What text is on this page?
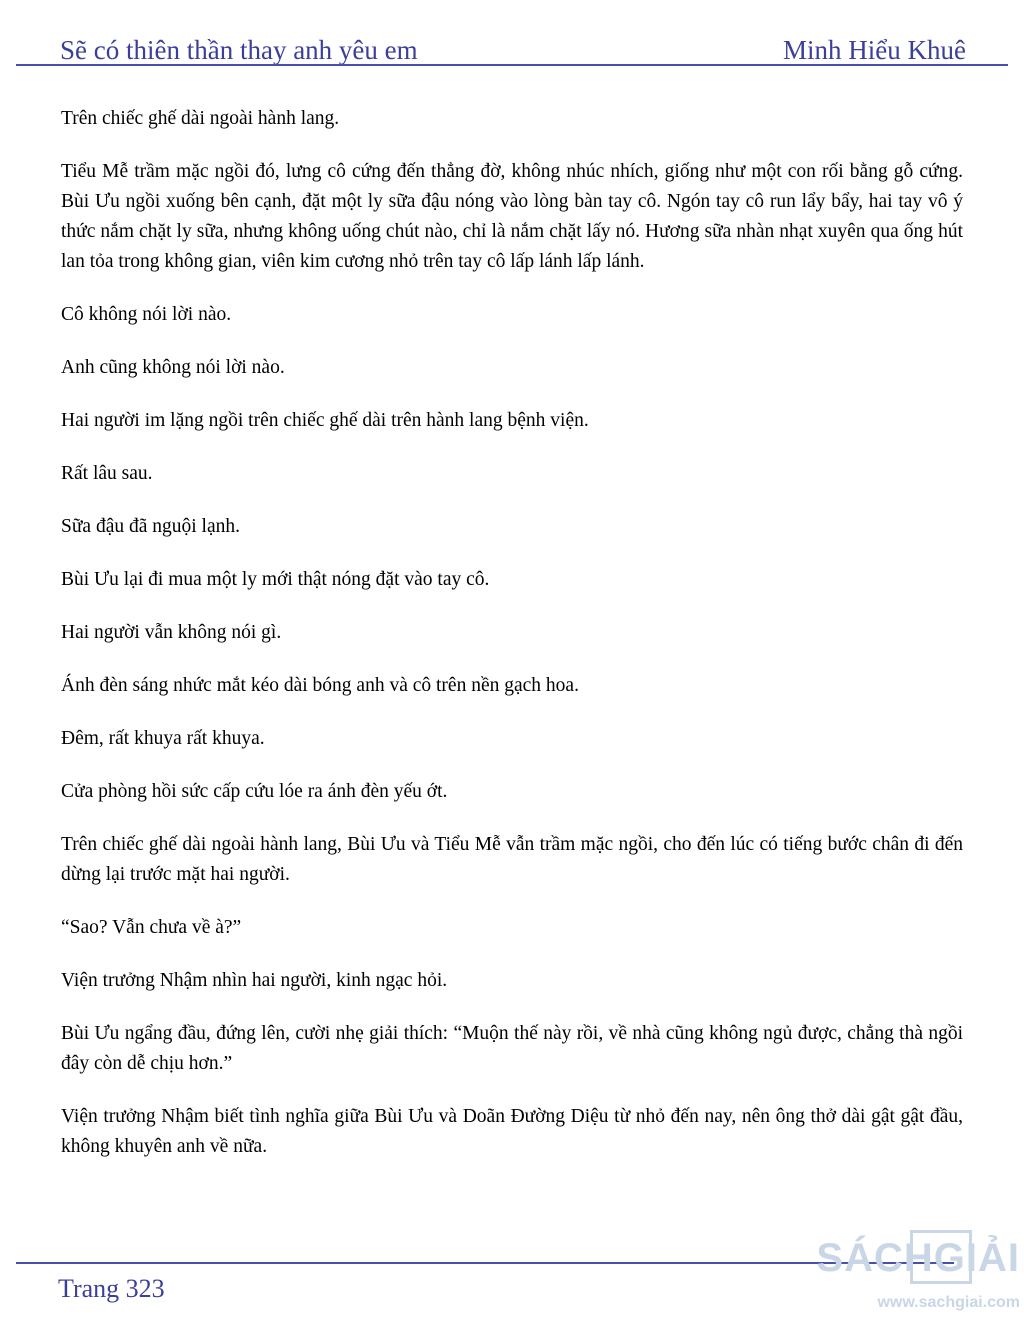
Sẽ có thiên thần thay anh yêu em	Minh Hiểu Khuê

Trên chiếc ghế dài ngoài hành lang.

Tiểu Mễ trầm mặc ngồi đó, lưng cô cứng đến thẳng đờ, không nhúc nhích, giống như một con rối bằng gỗ cứng. Bùi Ưu ngồi xuống bên cạnh, đặt một ly sữa đậu nóng vào lòng bàn tay cô. Ngón tay cô run lẩy bẩy, hai tay vô ý thức nắm chặt ly sữa, nhưng không uống chút nào, chỉ là nắm chặt lấy nó. Hương sữa nhàn nhạt xuyên qua ống hút lan tỏa trong không gian, viên kim cương nhỏ trên tay cô lấp lánh lấp lánh.

Cô không nói lời nào.

Anh cũng không nói lời nào.

Hai người im lặng ngồi trên chiếc ghế dài trên hành lang bệnh viện.

Rất lâu sau.

Sữa đậu đã nguội lạnh.

Bùi Ưu lại đi mua một ly mới thật nóng đặt vào tay cô.

Hai người vẫn không nói gì.

Ánh đèn sáng nhức mắt kéo dài bóng anh và cô trên nền gạch hoa.

Đêm, rất khuya rất khuya.

Cửa phòng hồi sức cấp cứu lóe ra ánh đèn yếu ớt.

Trên chiếc ghế dài ngoài hành lang, Bùi Ưu và Tiểu Mễ vẫn trầm mặc ngồi, cho đến lúc có tiếng bước chân đi đến dừng lại trước mặt hai người.

“Sao? Vẫn chưa về à?”

Viện trưởng Nhậm nhìn hai người, kinh ngạc hỏi.

Bùi Ưu ngẩng đầu, đứng lên, cười nhẹ giải thích: “Muộn thế này rồi, về nhà cũng không ngủ được, chẳng thà ngồi đây còn dễ chịu hơn.”

Viện trưởng Nhậm biết tình nghĩa giữa Bùi Ưu và Doãn Đường Diệu từ nhỏ đến nay, nên ông thở dài gật gật đầu, không khuyên anh về nữa.

Trang 323
SÁCHGIẢI
www.sachgiai.com
